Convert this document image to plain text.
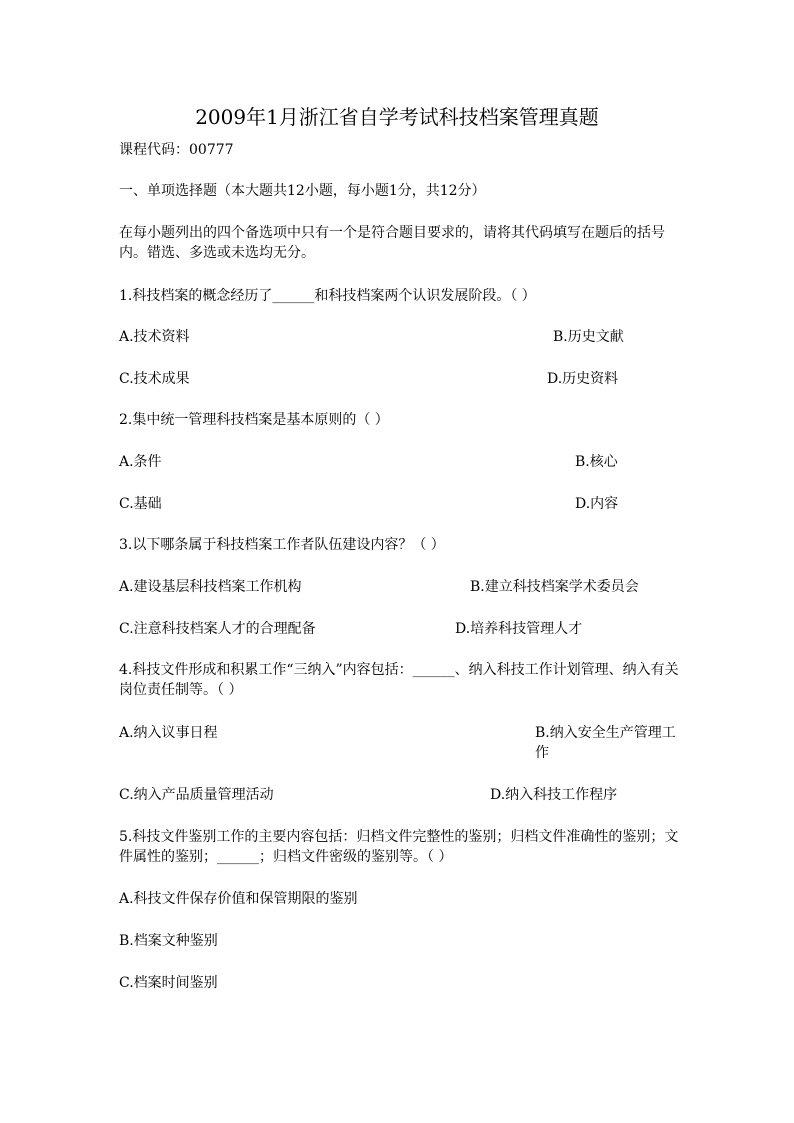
2009年1月浙江省自学考试科技档案管理真题
课程代码：00777
一、单项选择题（本大题共12小题，每小题1分，共12分）
在每小题列出的四个备选项中只有一个是符合题目要求的，请将其代码填写在题后的括号内。错选、多选或未选均无分。
1.科技档案的概念经历了______和科技档案两个认识发展阶段。（ ）
A.技术资料	B.历史文献
C.技术成果	D.历史资料
2.集中统一管理科技档案是基本原则的（ ）
A.条件	B.核心
C.基础	D.内容
3.以下哪条属于科技档案工作者队伍建设内容？（ ）
A.建设基层科技档案工作机构	B.建立科技档案学术委员会
C.注意科技档案人才的合理配备	D.培养科技管理人才
4.科技文件形成和积累工作“三纳入”内容包括：______、纳入科技工作计划管理、纳入有关岗位责任制等。（ ）
A.纳入议事日程	B.纳入安全生产管理工作
C.纳入产品质量管理活动	D.纳入科技工作程序
5.科技文件鉴别工作的主要内容包括：归档文件完整性的鉴别；归档文件准确性的鉴别；文件属性的鉴别；______；归档文件密级的鉴别等。（ ）
A.科技文件保存价值和保管期限的鉴别
B.档案文种鉴别
C.档案时间鉴别
